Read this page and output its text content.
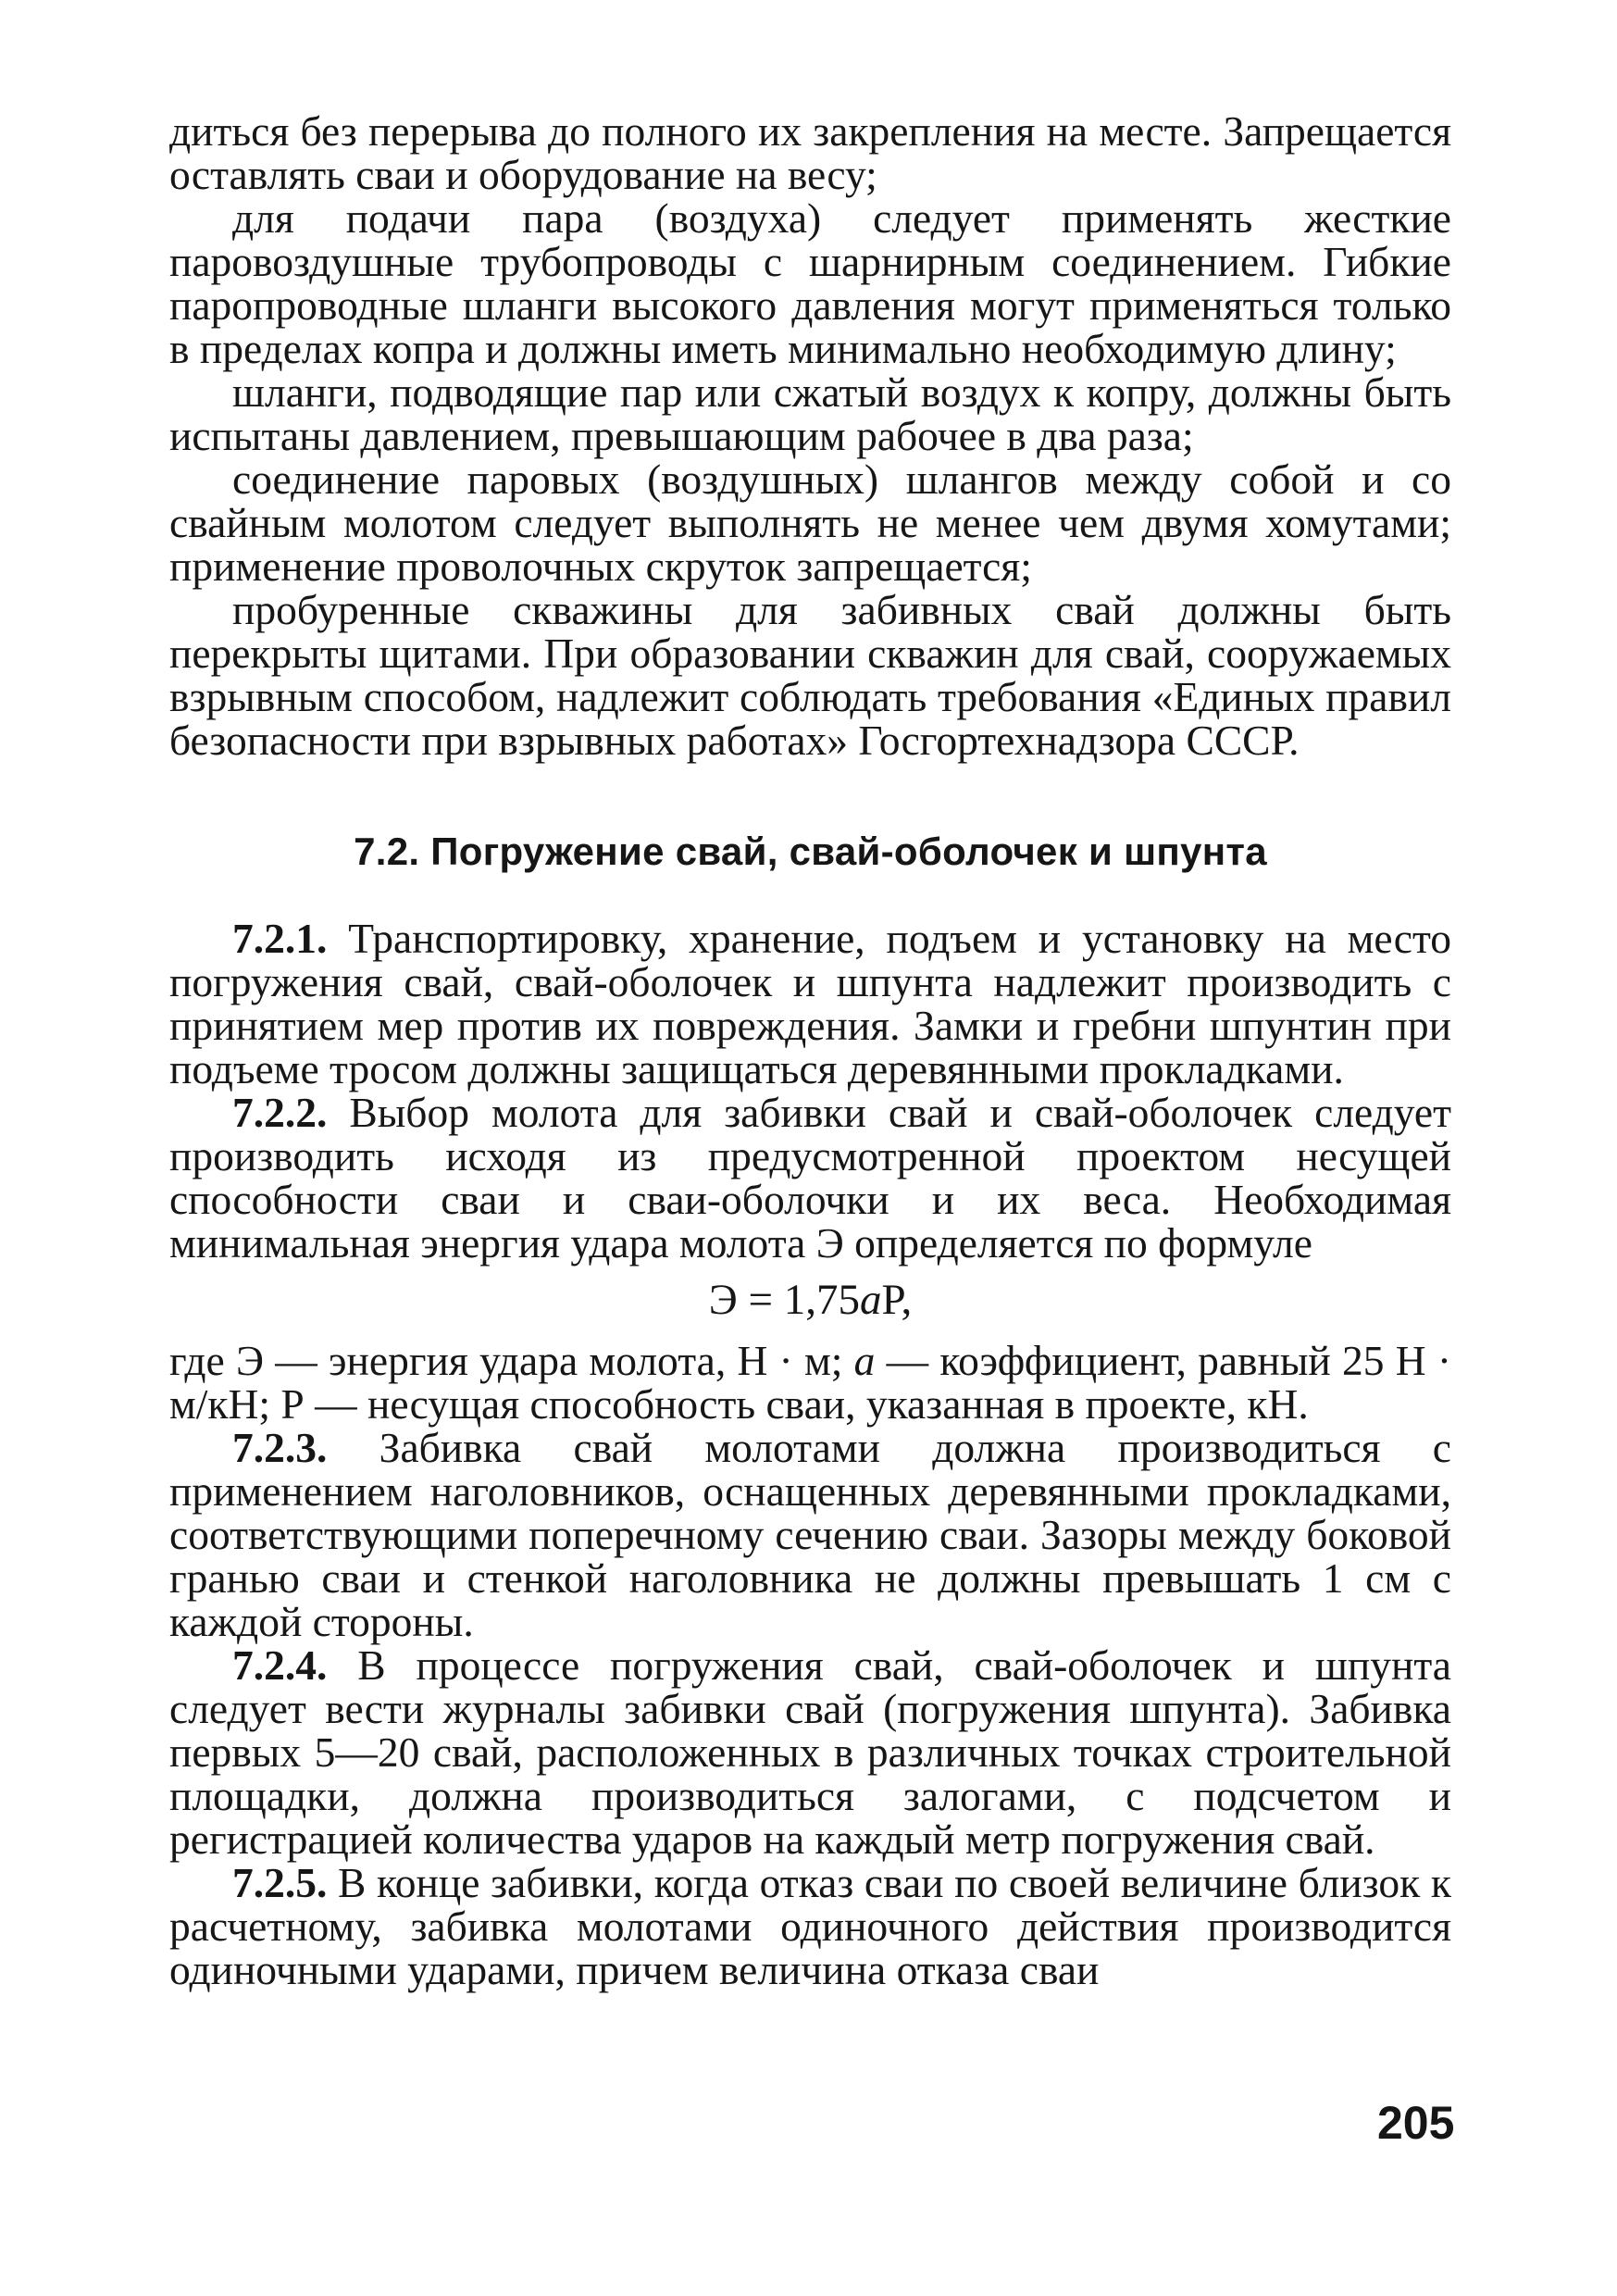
диться без перерыва до полного их закрепления на месте. Запрещается оставлять сваи и оборудование на весу;

для подачи пара (воздуха) следует применять жесткие паровоздушные трубопроводы с шарнирным соединением. Гибкие паропроводные шланги высокого давления могут применяться только в пределах копра и должны иметь минимально необходимую длину;

шланги, подводящие пар или сжатый воздух к копру, должны быть испытаны давлением, превышающим рабочее в два раза;

соединение паровых (воздушных) шлангов между собой и со свайным молотом следует выполнять не менее чем двумя хомутами; применение проволочных скруток запрещается;

пробуренные скважины для забивных свай должны быть перекрыты щитами. При образовании скважин для свай, сооружаемых взрывным способом, надлежит соблюдать требования «Единых правил безопасности при взрывных работах» Госгортехнадзора СССР.

7.2. Погружение свай, свай-оболочек и шпунта

7.2.1. Транспортировку, хранение, подъем и установку на место погружения свай, свай-оболочек и шпунта надлежит производить с принятием мер против их повреждения. Замки и гребни шпунтин при подъеме тросом должны защищаться деревянными прокладками.

7.2.2. Выбор молота для забивки свай и свай-оболочек следует производить исходя из предусмотренной проектом несущей способности сваи и сваи-оболочки и их веса. Необходимая минимальная энергия удара молота Э определяется по формуле

Э = 1,75aP,

где Э — энергия удара молота, Н · м; a — коэффициент, равный 25 Н · м/кН; Р — несущая способность сваи, указанная в проекте, кН.

7.2.3. Забивка свай молотами должна производиться с применением наголовников, оснащенных деревянными прокладками, соответствующими поперечному сечению сваи. Зазоры между боковой гранью сваи и стенкой наголовника не должны превышать 1 см с каждой стороны.

7.2.4. В процессе погружения свай, свай-оболочек и шпунта следует вести журналы забивки свай (погружения шпунта). Забивка первых 5—20 свай, расположенных в различных точках строительной площадки, должна производиться залогами, с подсчетом и регистрацией количества ударов на каждый метр погружения свай.

7.2.5. В конце забивки, когда отказ сваи по своей величине близок к расчетному, забивка молотами одиночного действия производится одиночными ударами, причем величина отказа сваи

205
